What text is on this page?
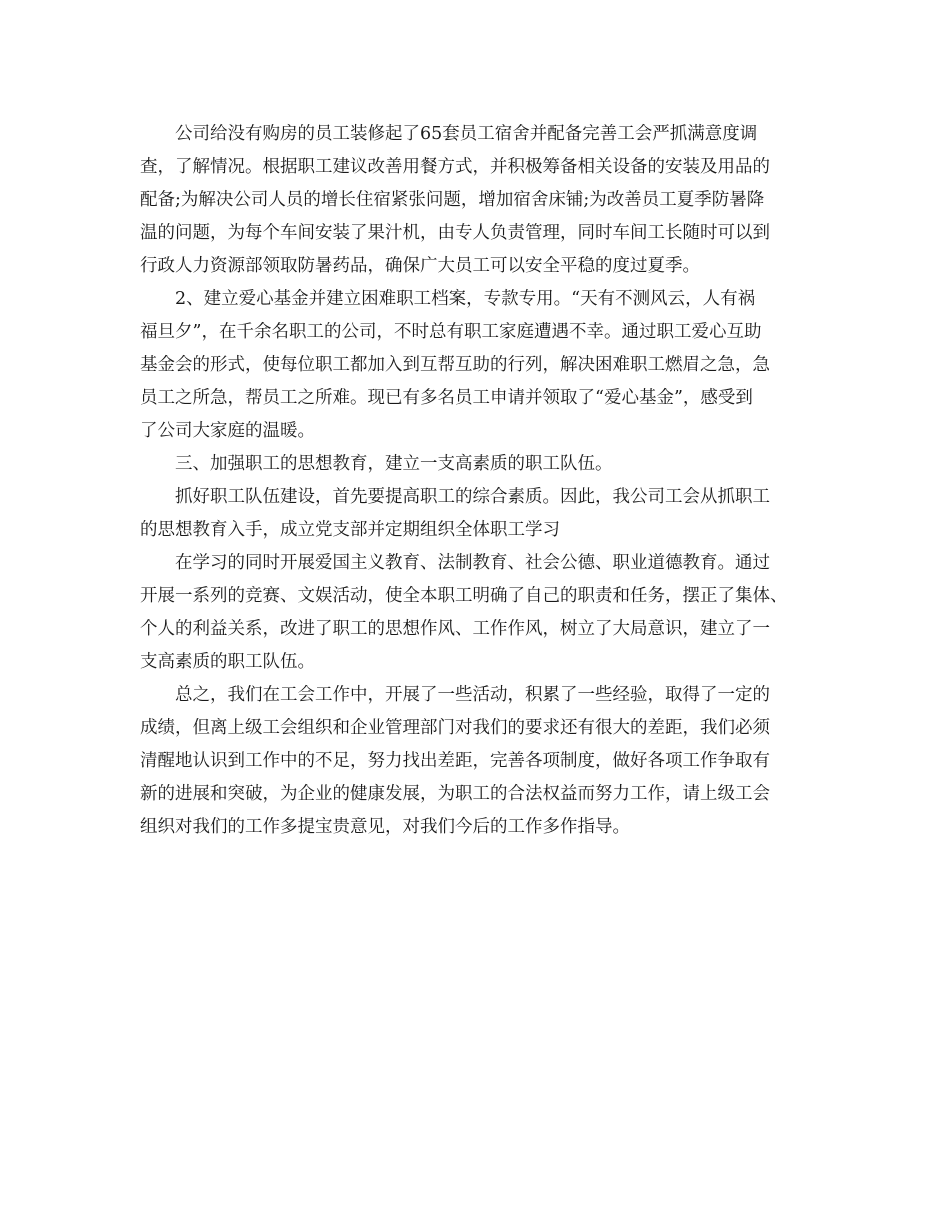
公司给没有购房的员工装修起了65套员工宿舍并配备完善工会严抓满意度调
查，了解情况。根据职工建议改善用餐方式，并积极筹备相关设备的安装及用品的
配备;为解决公司人员的增长住宿紧张问题，增加宿舍床铺;为改善员工夏季防暑降
温的问题，为每个车间安装了果汁机，由专人负责管理，同时车间工长随时可以到
行政人力资源部领取防暑药品，确保广大员工可以安全平稳的度过夏季。
2、建立爱心基金并建立困难职工档案，专款专用。“天有不测风云，人有祸
福旦夕”，在千余名职工的公司，不时总有职工家庭遭遇不幸。通过职工爱心互助
基金会的形式，使每位职工都加入到互帮互助的行列，解决困难职工燃眉之急，急
员工之所急，帮员工之所难。现已有多名员工申请并领取了“爱心基金”，感受到
了公司大家庭的温暖。
三、加强职工的思想教育，建立一支高素质的职工队伍。
抓好职工队伍建设，首先要提高职工的综合素质。因此，我公司工会从抓职工
的思想教育入手，成立党支部并定期组织全体职工学习
在学习的同时开展爱国主义教育、法制教育、社会公德、职业道德教育。通过
开展一系列的竞赛、文娱活动，使全本职工明确了自己的职责和任务，摆正了集体、
个人的利益关系，改进了职工的思想作风、工作作风，树立了大局意识，建立了一
支高素质的职工队伍。
总之，我们在工会工作中，开展了一些活动，积累了一些经验，取得了一定的
成绩，但离上级工会组织和企业管理部门对我们的要求还有很大的差距，我们必须
清醒地认识到工作中的不足，努力找出差距，完善各项制度，做好各项工作争取有
新的进展和突破，为企业的健康发展，为职工的合法权益而努力工作，请上级工会
组织对我们的工作多提宝贵意见，对我们今后的工作多作指导。
